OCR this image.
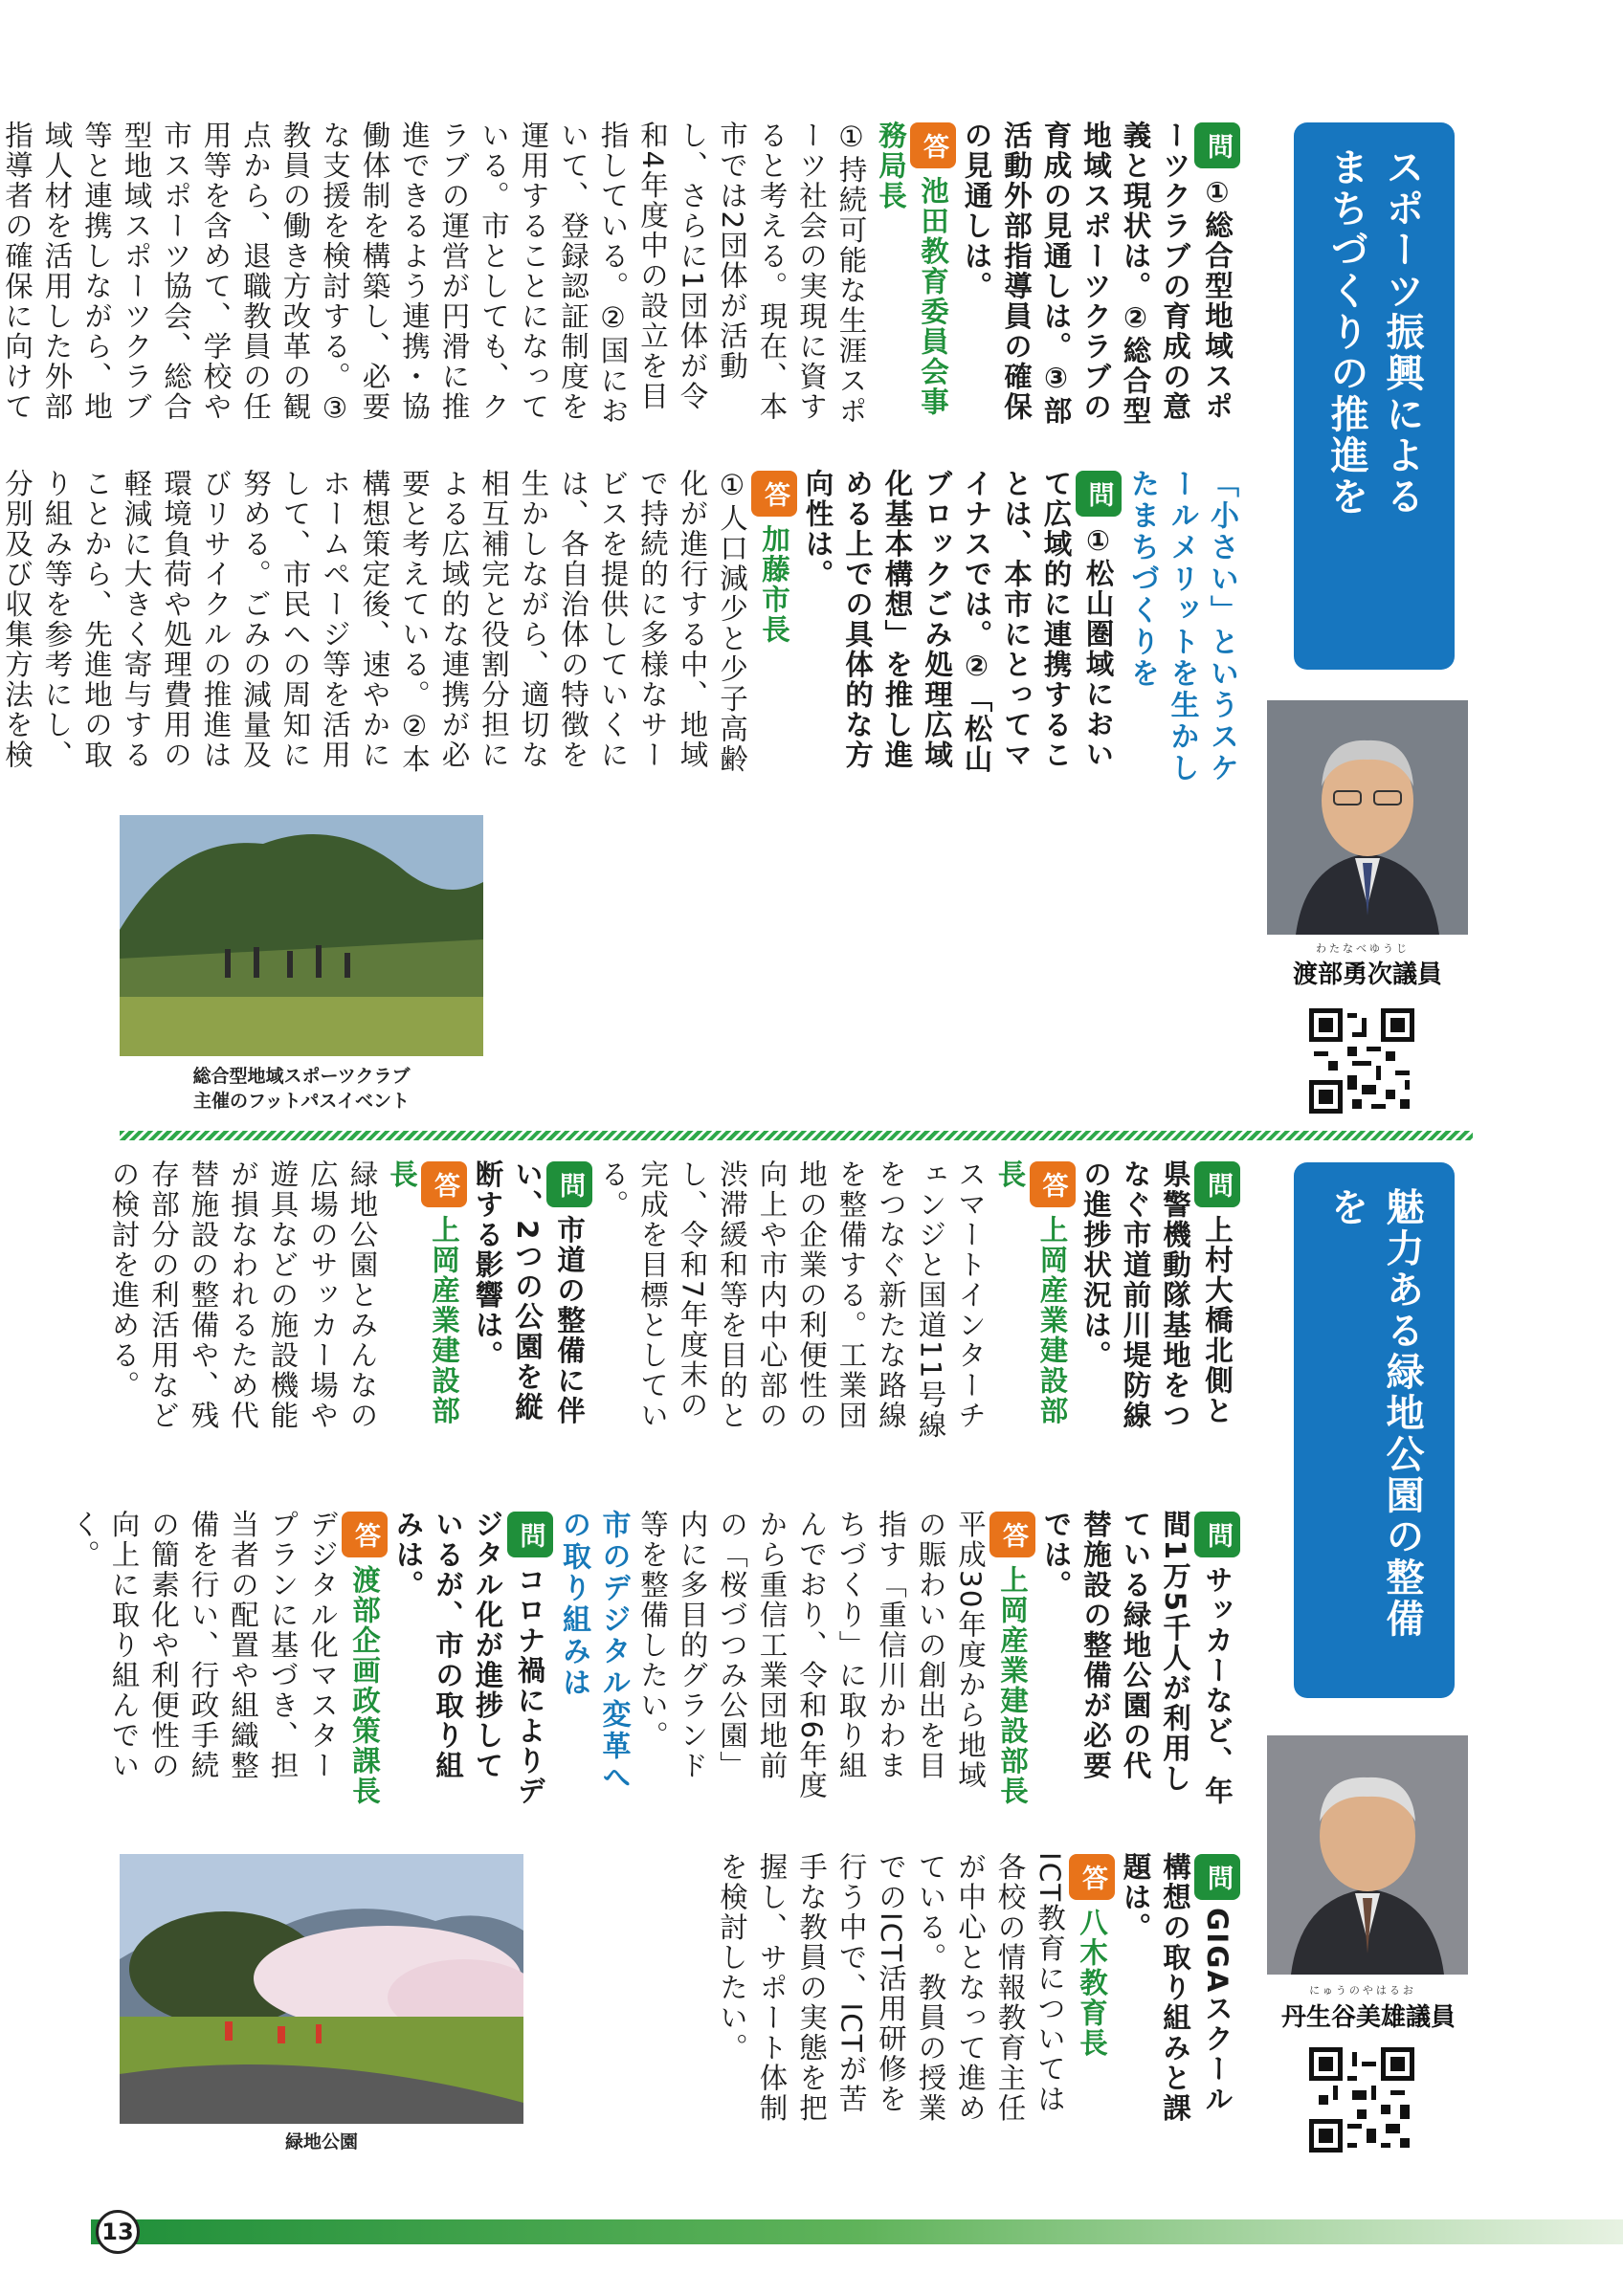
スポーツ振興による
まちづくりの推進を
わたなべゆうじ
渡部勇次議員
問①総合型地域スポーツクラブの育成の意義と現状は。②総合型地域スポーツクラブの育成の見通しは。③部活動外部指導員の確保の見通しは。
答池田教育委員会事務局長
①持続可能な生涯スポーツ社会の実現に資すると考える。現在、本市では2団体が活動し、さらに1団体が令和4年度中の設立を目指している。②国において、登録認証制度を運用することになっている。市としても、クラブの運営が円滑に推進できるよう連携・協働体制を構築し、必要な支援を検討する。③教員の働き方改革の観点から、退職教員の任用等を含めて、学校や市スポーツ協会、総合型地域スポーツクラブ等と連携しながら、地域人材を活用した外部指導者の確保に向けて
「小さい」というスケールメリットを生かしたまちづくりを
問①松山圏域において広域的に連携することは、本市にとってマイナスでは。②「松山ブロックごみ処理広域化基本構想」を推し進める上での具体的な方向性は。
答加藤市長
①人口減少と少子高齢化が進行する中、地域で持続的に多様なサービスを提供していくには、各自治体の特徴を生かしながら、適切な相互補完と役割分担による広域的な連携が必要と考えている。②本構想策定後、速やかにホームページ等を活用して、市民への周知に努める。ごみの減量及びリサイクルの推進は環境負荷や処理費用の軽減に大きく寄与することから、先進地の取り組み等を参考にし、分別及び収集方法を検
総合型地域スポーツクラブ
主催のフットパスイベント
魅力ある緑地公園の整備を
にゅうのやはるお
丹生谷美雄議員
問上村大橋北側と県警機動隊基地をつなぐ市道前川堤防線の進捗状況は。
答上岡産業建設部長
スマートインターチェンジと国道11号線をつなぐ新たな路線を整備する。工業団地の企業の利便性の向上や市内中心部の渋滞緩和等を目的とし、令和7年度末の完成を目標としている。
問市道の整備に伴い、2つの公園を縦断する影響は。
答上岡産業建設部長
緑地公園とみんなの広場のサッカー場や遊具などの施設機能が損なわれるため代替施設の整備や、残存部分の利活用などの検討を進める。
問サッカーなど、年間1万5千人が利用している緑地公園の代替施設の整備が必要では。
答上岡産業建設部長
平成30年度から地域の賑わいの創出を目指す「重信川かわまちづくり」に取り組んでおり、令和6年度から重信工業団地前の「桜づつみ公園」内に多目的グランド等を整備したい。
市のデジタル変革への取り組みは
問コロナ禍によりデジタル化が進捗しているが、市の取り組みは。
答渡部企画政策課長
デジタル化マスタープランに基づき、担当者の配置や組織整備を行い、行政手続の簡素化や利便性の向上に取り組んでいく。
問GIGAスクール構想の取り組みと課題は。
答八木教育長
ICT教育については各校の情報教育主任が中心となって進めている。教員の授業でのICT活用研修を行う中で、ICTが苦手な教員の実態を把握し、サポート体制を検討したい。
緑地公園
13
